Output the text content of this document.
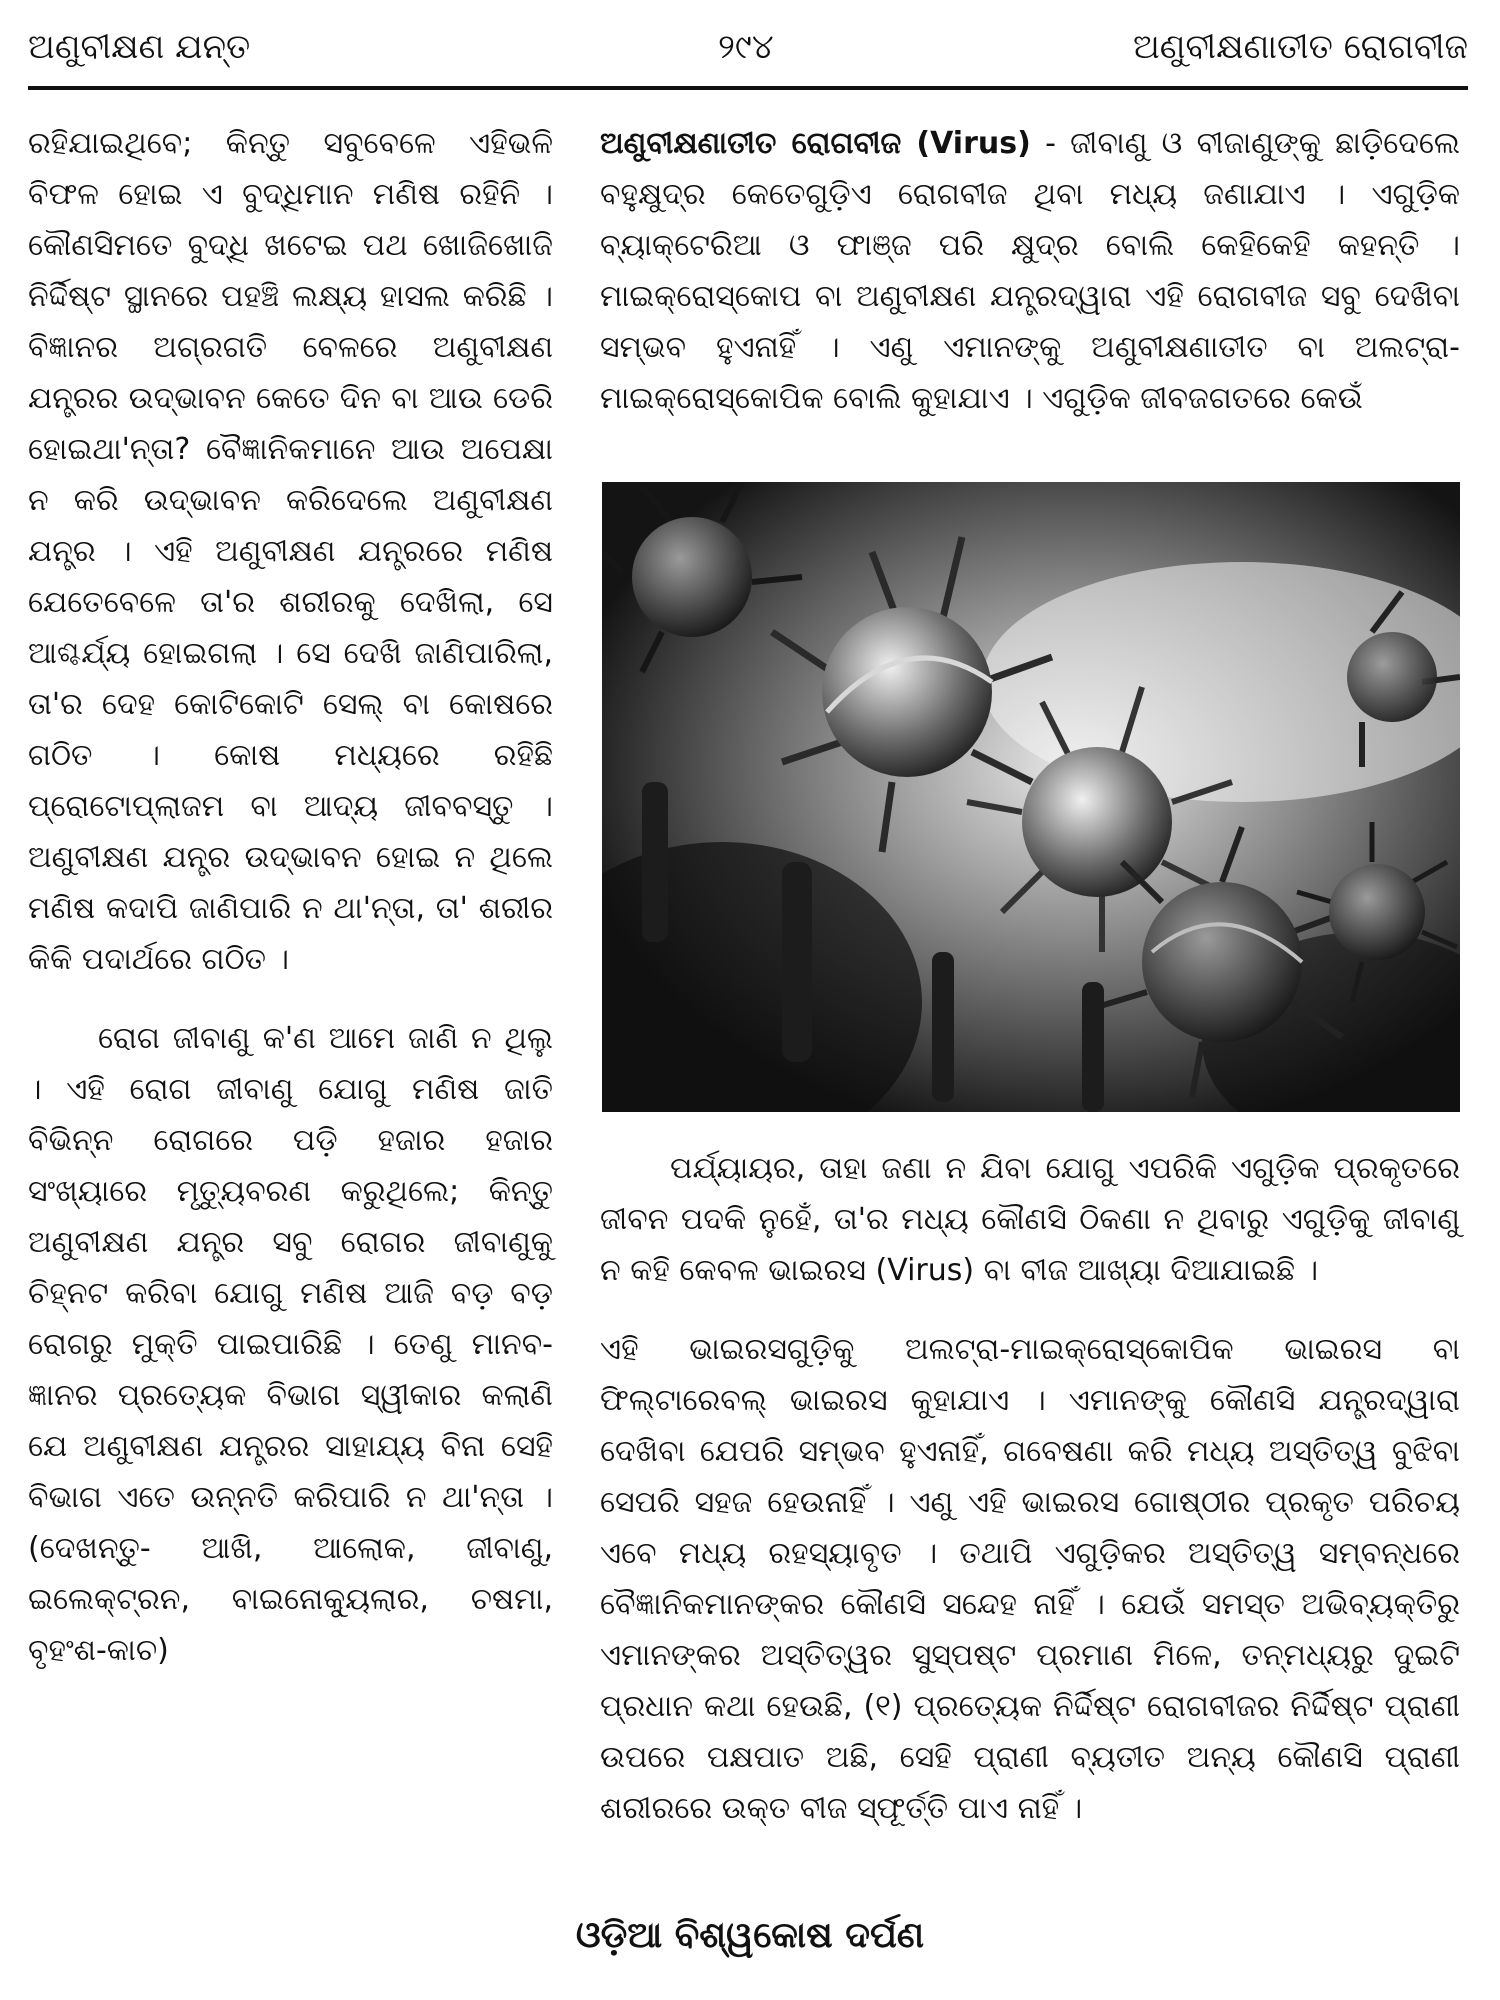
ଅଣୁବୀକ୍ଷଣ ଯନ୍ତ	୨୯୪	ଅଣୁବୀକ୍ଷଣାତୀତ ରୋଗବୀଜ

ରହିଯାଇଥିବେ; କିନ୍ତୁ ସବୁବେଳେ ଏହିଭଳି ବିଫଳ ହୋଇ ଏ ବୁଦ୍ଧିମାନ ମଣିଷ ରହିନି । କୌଣସିମତେ ବୁଦ୍ଧି ଖଟେଇ ପଥ ଖୋଜିଖୋଜି ନିର୍ଦ୍ଦିଷ୍ଟ ସ୍ଥାନରେ ପହଞ୍ଚି ଲକ୍ଷ୍ୟ ହାସଲ କରିଛି । ବିଜ୍ଞାନର ଅଗ୍ରଗତି ବେଳରେ ଅଣୁବୀକ୍ଷଣ ଯନ୍ତ୍ରର ଉଦ୍ଭାବନ କେତେ ଦିନ ବା ଆଉ ଡେରି ହୋଇଥା'ନ୍ତା? ବୈଜ୍ଞାନିକମାନେ ଆଉ ଅପେକ୍ଷା ନ କରି ଉଦ୍ଭାବନ କରିଦେଲେ ଅଣୁବୀକ୍ଷଣ ଯନ୍ତ୍ର । ଏହି ଅଣୁବୀକ୍ଷଣ ଯନ୍ତ୍ରରେ ମଣିଷ ଯେତେବେଳେ ତା'ର ଶରୀରକୁ ଦେଖିଲା, ସେ ଆଶ୍ଚର୍ଯ୍ୟ ହୋଇଗଲା । ସେ ଦେଖି ଜାଣିପାରିଲା, ତା'ର ଦେହ କୋଟିକୋଟି ସେଲ୍ ବା କୋଷରେ ଗଠିତ । କୋଷ ମଧ୍ୟରେ ରହିଛି ପ୍ରୋଟୋପ୍ଲାଜମ ବା ଆଦ୍ୟ ଜୀବବସ୍ତୁ । ଅଣୁବୀକ୍ଷଣ ଯନ୍ତ୍ର ଉଦ୍ଭାବନ ହୋଇ ନ ଥିଲେ ମଣିଷ କଦାପି ଜାଣିପାରି ନ ଥା'ନ୍ତା, ତା' ଶରୀର କିକି ପଦାର୍ଥରେ ଗଠିତ ।

ରୋଗ ଜୀବାଣୁ କ'ଣ ଆମେ ଜାଣି ନ ଥିଲୁ । ଏହି ରୋଗ ଜୀବାଣୁ ଯୋଗୁ ମଣିଷ ଜାତି ବିଭିନ୍ନ ରୋଗରେ ପଡ଼ି ହଜାର ହଜାର ସଂଖ୍ୟାରେ ମୃତ୍ୟୁବରଣ କରୁଥିଲେ; କିନ୍ତୁ ଅଣୁବୀକ୍ଷଣ ଯନ୍ତ୍ର ସବୁ ରୋଗର ଜୀବାଣୁକୁ ଚିହ୍ନଟ କରିବା ଯୋଗୁ ମଣିଷ ଆଜି ବଡ଼ ବଡ଼ ରୋଗରୁ ମୁକ୍ତି ପାଇପାରିଛି । ତେଣୁ ମାନବ-ଜ୍ଞାନର ପ୍ରତ୍ୟେକ ବିଭାଗ ସ୍ୱୀକାର କଲାଣି ଯେ ଅଣୁବୀକ୍ଷଣ ଯନ୍ତ୍ରର ସାହାଯ୍ୟ ବିନା ସେହି ବିଭାଗ ଏତେ ଉନ୍ନତି କରିପାରି ନ ଥା'ନ୍ତା । (ଦେଖନ୍ତୁ- ଆଖି, ଆଲୋକ, ଜୀବାଣୁ, ଇଲେକ୍‌ଟ୍ରନ, ବାଇନୋକ୍ୟୁଲାର, ଚଷମା, ବୃହଂଶ-କାଚ)

ଅଣୁବୀକ୍ଷଣାତୀତ ରୋଗବୀଜ (Virus) - ଜୀବାଣୁ ଓ ବୀଜାଣୁଙ୍କୁ ଛାଡ଼ିଦେଲେ ବହୁକ୍ଷୁଦ୍ର କେତେଗୁଡ଼ିଏ ରୋଗବୀଜ ଥିବା ମଧ୍ୟ ଜଣାଯାଏ । ଏଗୁଡ଼ିକ ବ୍ୟାକ୍ଟେରିଆ ଓ ଫାଞ୍ଜ ପରି କ୍ଷୁଦ୍ର ବୋଲି କେହିକେହି କହନ୍ତି । ମାଇକ୍ରୋସ୍କୋପ ବା ଅଣୁବୀକ୍ଷଣ ଯନ୍ତ୍ରଦ୍ୱାରା ଏହି ରୋଗବୀଜ ସବୁ ଦେଖିବା ସମ୍ଭବ ହୁଏନାହିଁ । ଏଣୁ ଏମାନଙ୍କୁ ଅଣୁବୀକ୍ଷଣାତୀତ ବା ଅଲଟ୍ରା-ମାଇକ୍ରୋସ୍କୋପିକ ବୋଲି କୁହାଯାଏ । ଏଗୁଡ଼ିକ ଜୀବଜଗତରେ କେଉଁ

ପର୍ଯ୍ୟାୟର, ତାହା ଜଣା ନ ଯିବା ଯୋଗୁ ଏପରିକି ଏଗୁଡ଼ିକ ପ୍ରକୃତରେ ଜୀବନ ପଦକି ନୁହେଁ, ତା'ର ମଧ୍ୟ କୌଣସି ଠିକଣା ନ ଥିବାରୁ ଏଗୁଡ଼ିକୁ ଜୀବାଣୁ ନ କହି କେବଳ ଭାଇରସ (Virus) ବା ବୀଜ ଆଖ୍ୟା ଦିଆଯାଇଛି ।

ଏହି ଭାଇରସଗୁଡ଼ିକୁ ଅଲଟ୍ରା-ମାଇକ୍ରୋସ୍କୋପିକ ଭାଇରସ ବା ଫିଲ୍‌ଟାରେବଲ୍ ଭାଇରସ କୁହାଯାଏ । ଏମାନଙ୍କୁ କୌଣସି ଯନ୍ତ୍ରଦ୍ୱାରା ଦେଖିବା ଯେପରି ସମ୍ଭବ ହୁଏନାହିଁ, ଗବେଷଣା କରି ମଧ୍ୟ ଅସ୍ତିତ୍ୱ ବୁଝିବା ସେପରି ସହଜ ହେଉନାହିଁ । ଏଣୁ ଏହି ଭାଇରସ ଗୋଷ୍ଠୀର ପ୍ରକୃତ ପରିଚୟ ଏବେ ମଧ୍ୟ ରହସ୍ୟାବୃତ । ତଥାପି ଏଗୁଡ଼ିକର ଅସ୍ତିତ୍ୱ ସମ୍ବନ୍ଧରେ ବୈଜ୍ଞାନିକମାନଙ୍କର କୌଣସି ସନ୍ଦେହ ନାହିଁ । ଯେଉଁ ସମସ୍ତ ଅଭିବ୍ୟକ୍ତିରୁ ଏମାନଙ୍କର ଅସ୍ତିତ୍ୱର ସୁସ୍ପଷ୍ଟ ପ୍ରମାଣ ମିଳେ, ତନ୍ମଧ୍ୟରୁ ଦୁଇଟି ପ୍ରଧାନ କଥା ହେଉଛି, (୧) ପ୍ରତ୍ୟେକ ନିର୍ଦ୍ଦିଷ୍ଟ ରୋଗବୀଜର ନିର୍ଦ୍ଦିଷ୍ଟ ପ୍ରାଣୀ ଉପରେ ପକ୍ଷପାତ ଅଛି, ସେହି ପ୍ରାଣୀ ବ୍ୟତୀତ ଅନ୍ୟ କୌଣସି ପ୍ରାଣୀ ଶରୀରରେ ଉକ୍ତ ବୀଜ ସ୍ଫୂର୍ତ୍ତି ପାଏ ନାହିଁ ।

ଓଡ଼ିଆ ବିଶ୍ୱକୋଷ ଦର୍ପଣ
